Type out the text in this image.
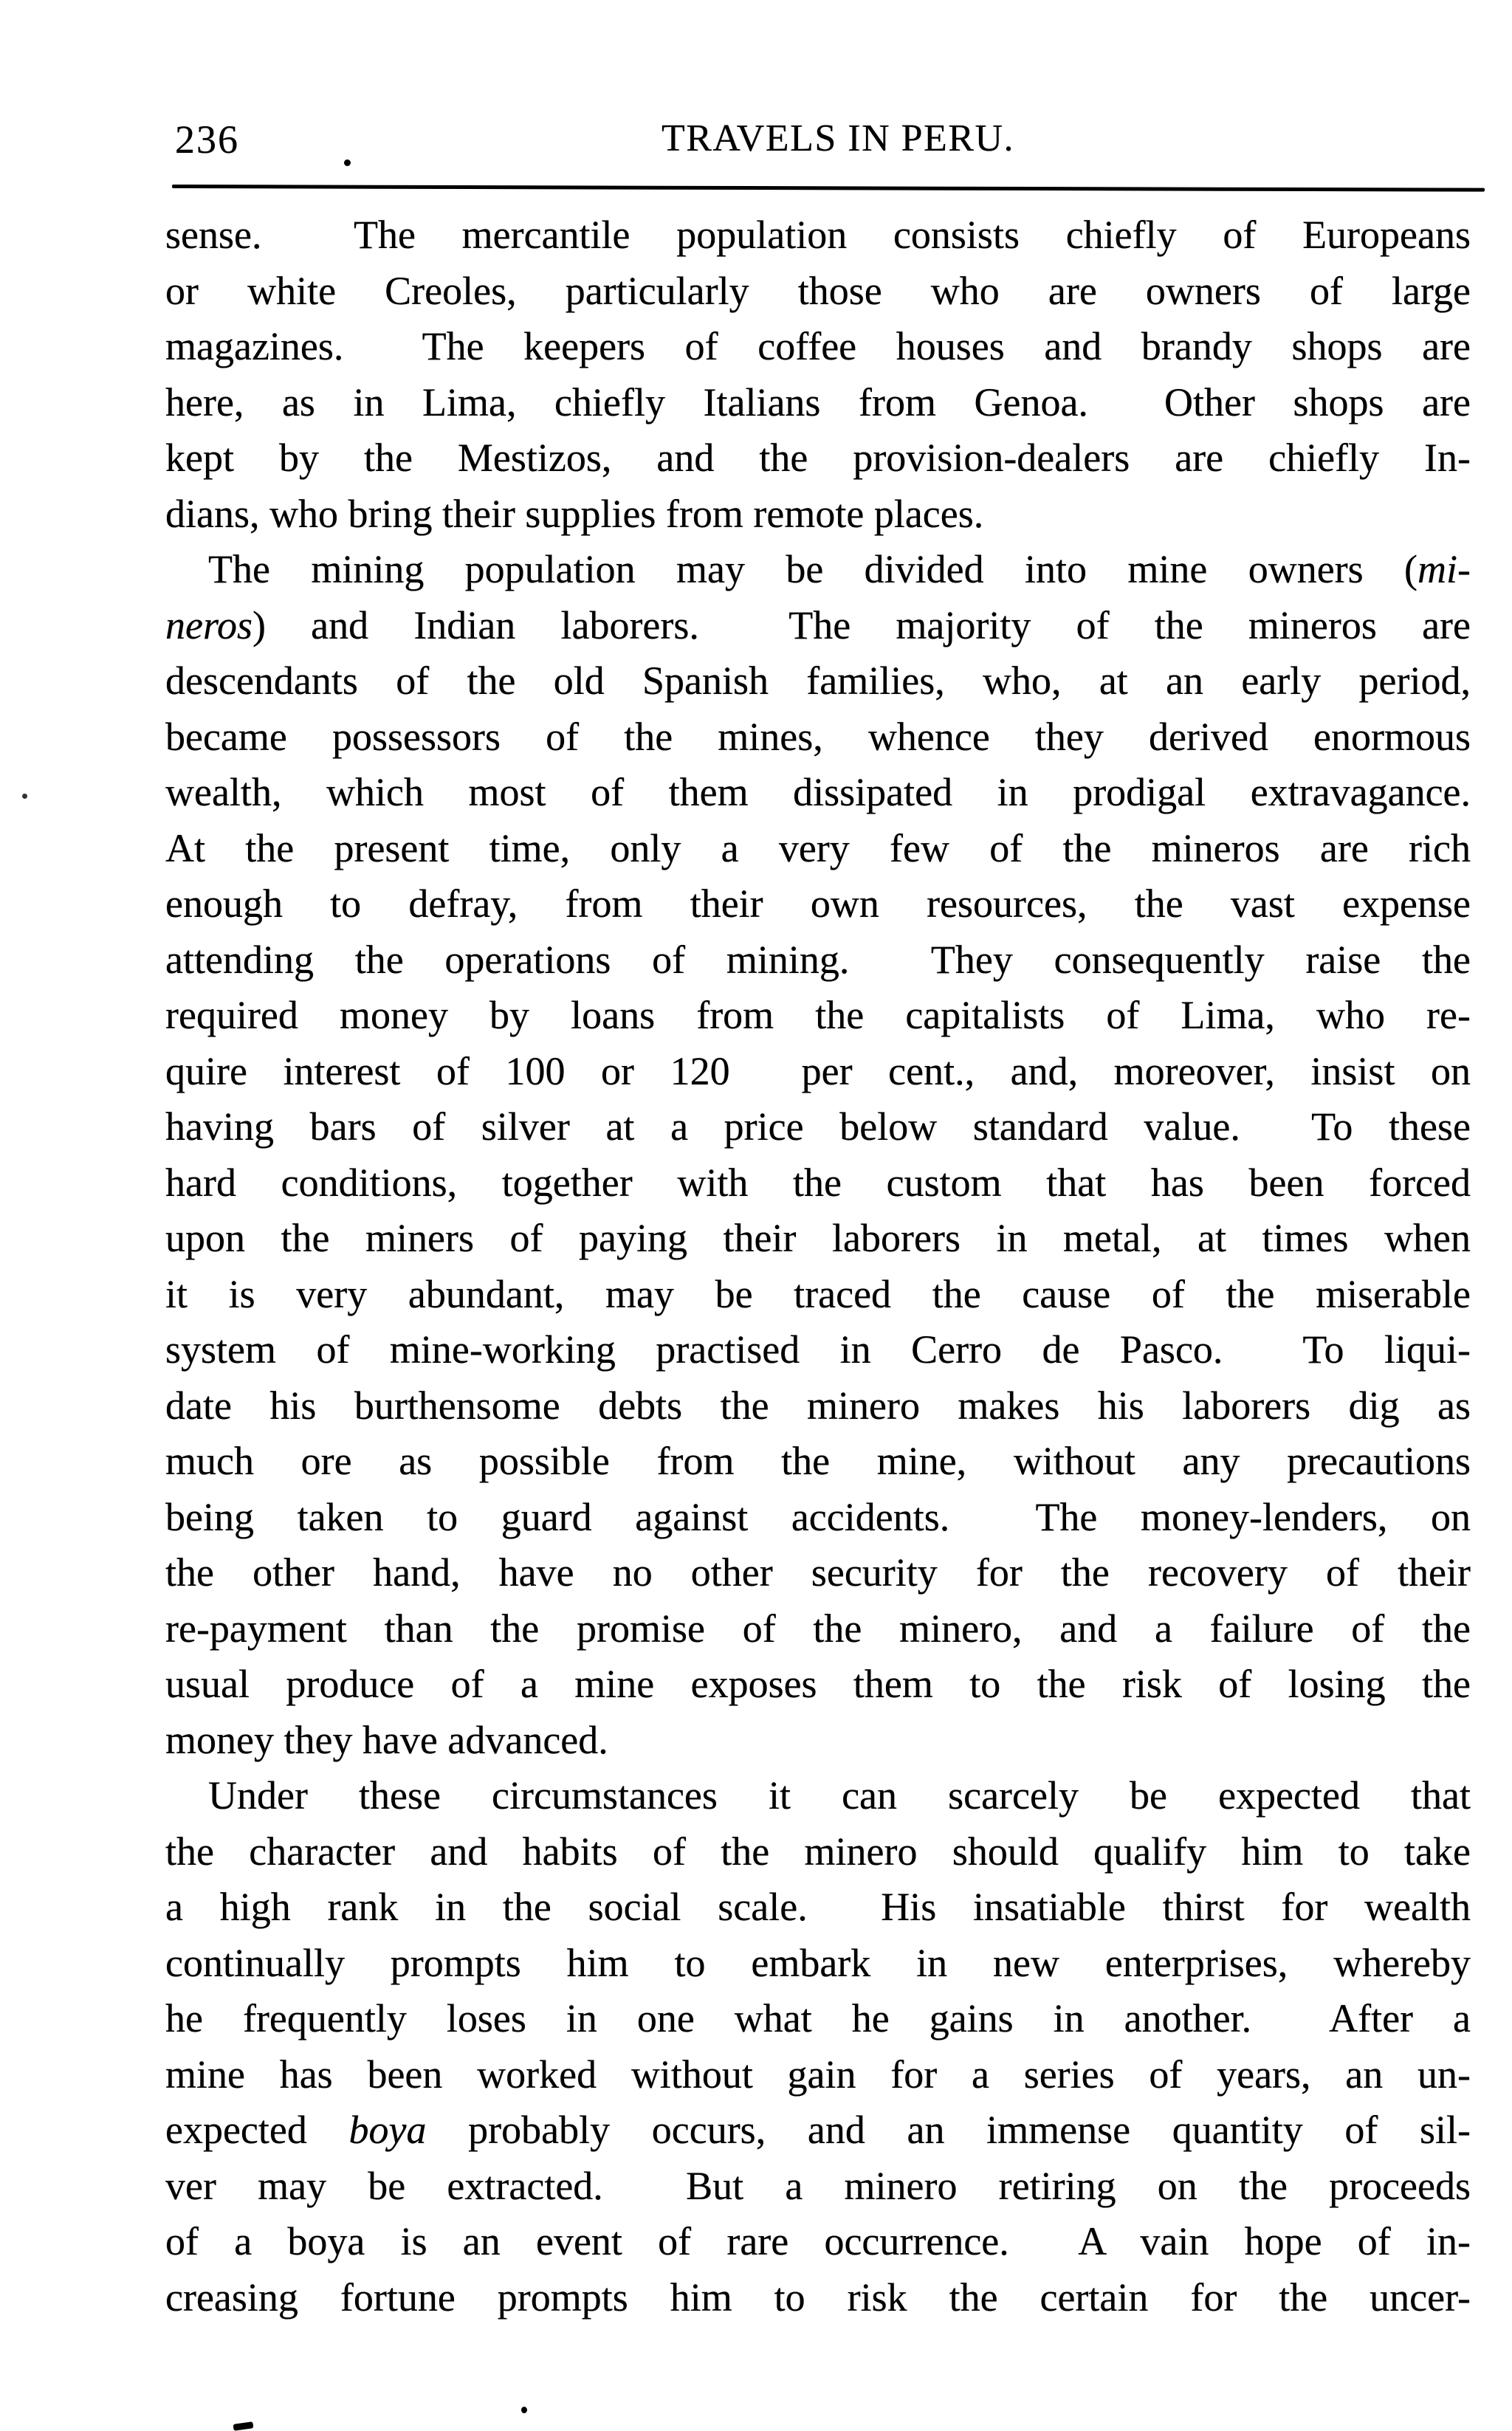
236	TRAVELS IN PERU.
sense.  The mercantile population consists chiefly of Europeans
or white Creoles, particularly those who are owners of large
magazines.  The keepers of coffee houses and brandy shops are
here, as in Lima, chiefly Italians from Genoa.  Other shops are
kept by the Mestizos, and the provision-dealers are chiefly In-
dians, who bring their supplies from remote places.
The mining population may be divided into mine owners (mi-
neros) and Indian laborers.  The majority of the mineros are
descendants of the old Spanish families, who, at an early period,
became possessors of the mines, whence they derived enormous
wealth, which most of them dissipated in prodigal extravagance.
At the present time, only a very few of the mineros are rich
enough to defray, from their own resources, the vast expense
attending the operations of mining.  They consequently raise the
required money by loans from the capitalists of Lima, who re-
quire interest of 100 or 120  per cent., and, moreover, insist on
having bars of silver at a price below standard value.  To these
hard conditions, together with the custom that has been forced
upon the miners of paying their laborers in metal, at times when
it is very abundant, may be traced the cause of the miserable
system of mine-working practised in Cerro de Pasco.  To liqui-
date his burthensome debts the minero makes his laborers dig as
much ore as possible from the mine, without any precautions
being taken to guard against accidents.  The money-lenders, on
the other hand, have no other security for the recovery of their
re-payment than the promise of the minero, and a failure of the
usual produce of a mine exposes them to the risk of losing the
money they have advanced.
Under these circumstances it can scarcely be expected that
the character and habits of the minero should qualify him to take
a high rank in the social scale.  His insatiable thirst for wealth
continually prompts him to embark in new enterprises, whereby
he frequently loses in one what he gains in another.  After a
mine has been worked without gain for a series of years, an un-
expected boya probably occurs, and an immense quantity of sil-
ver may be extracted.  But a minero retiring on the proceeds
of a boya is an event of rare occurrence.  A vain hope of in-
creasing fortune prompts him to risk the certain for the uncer-
